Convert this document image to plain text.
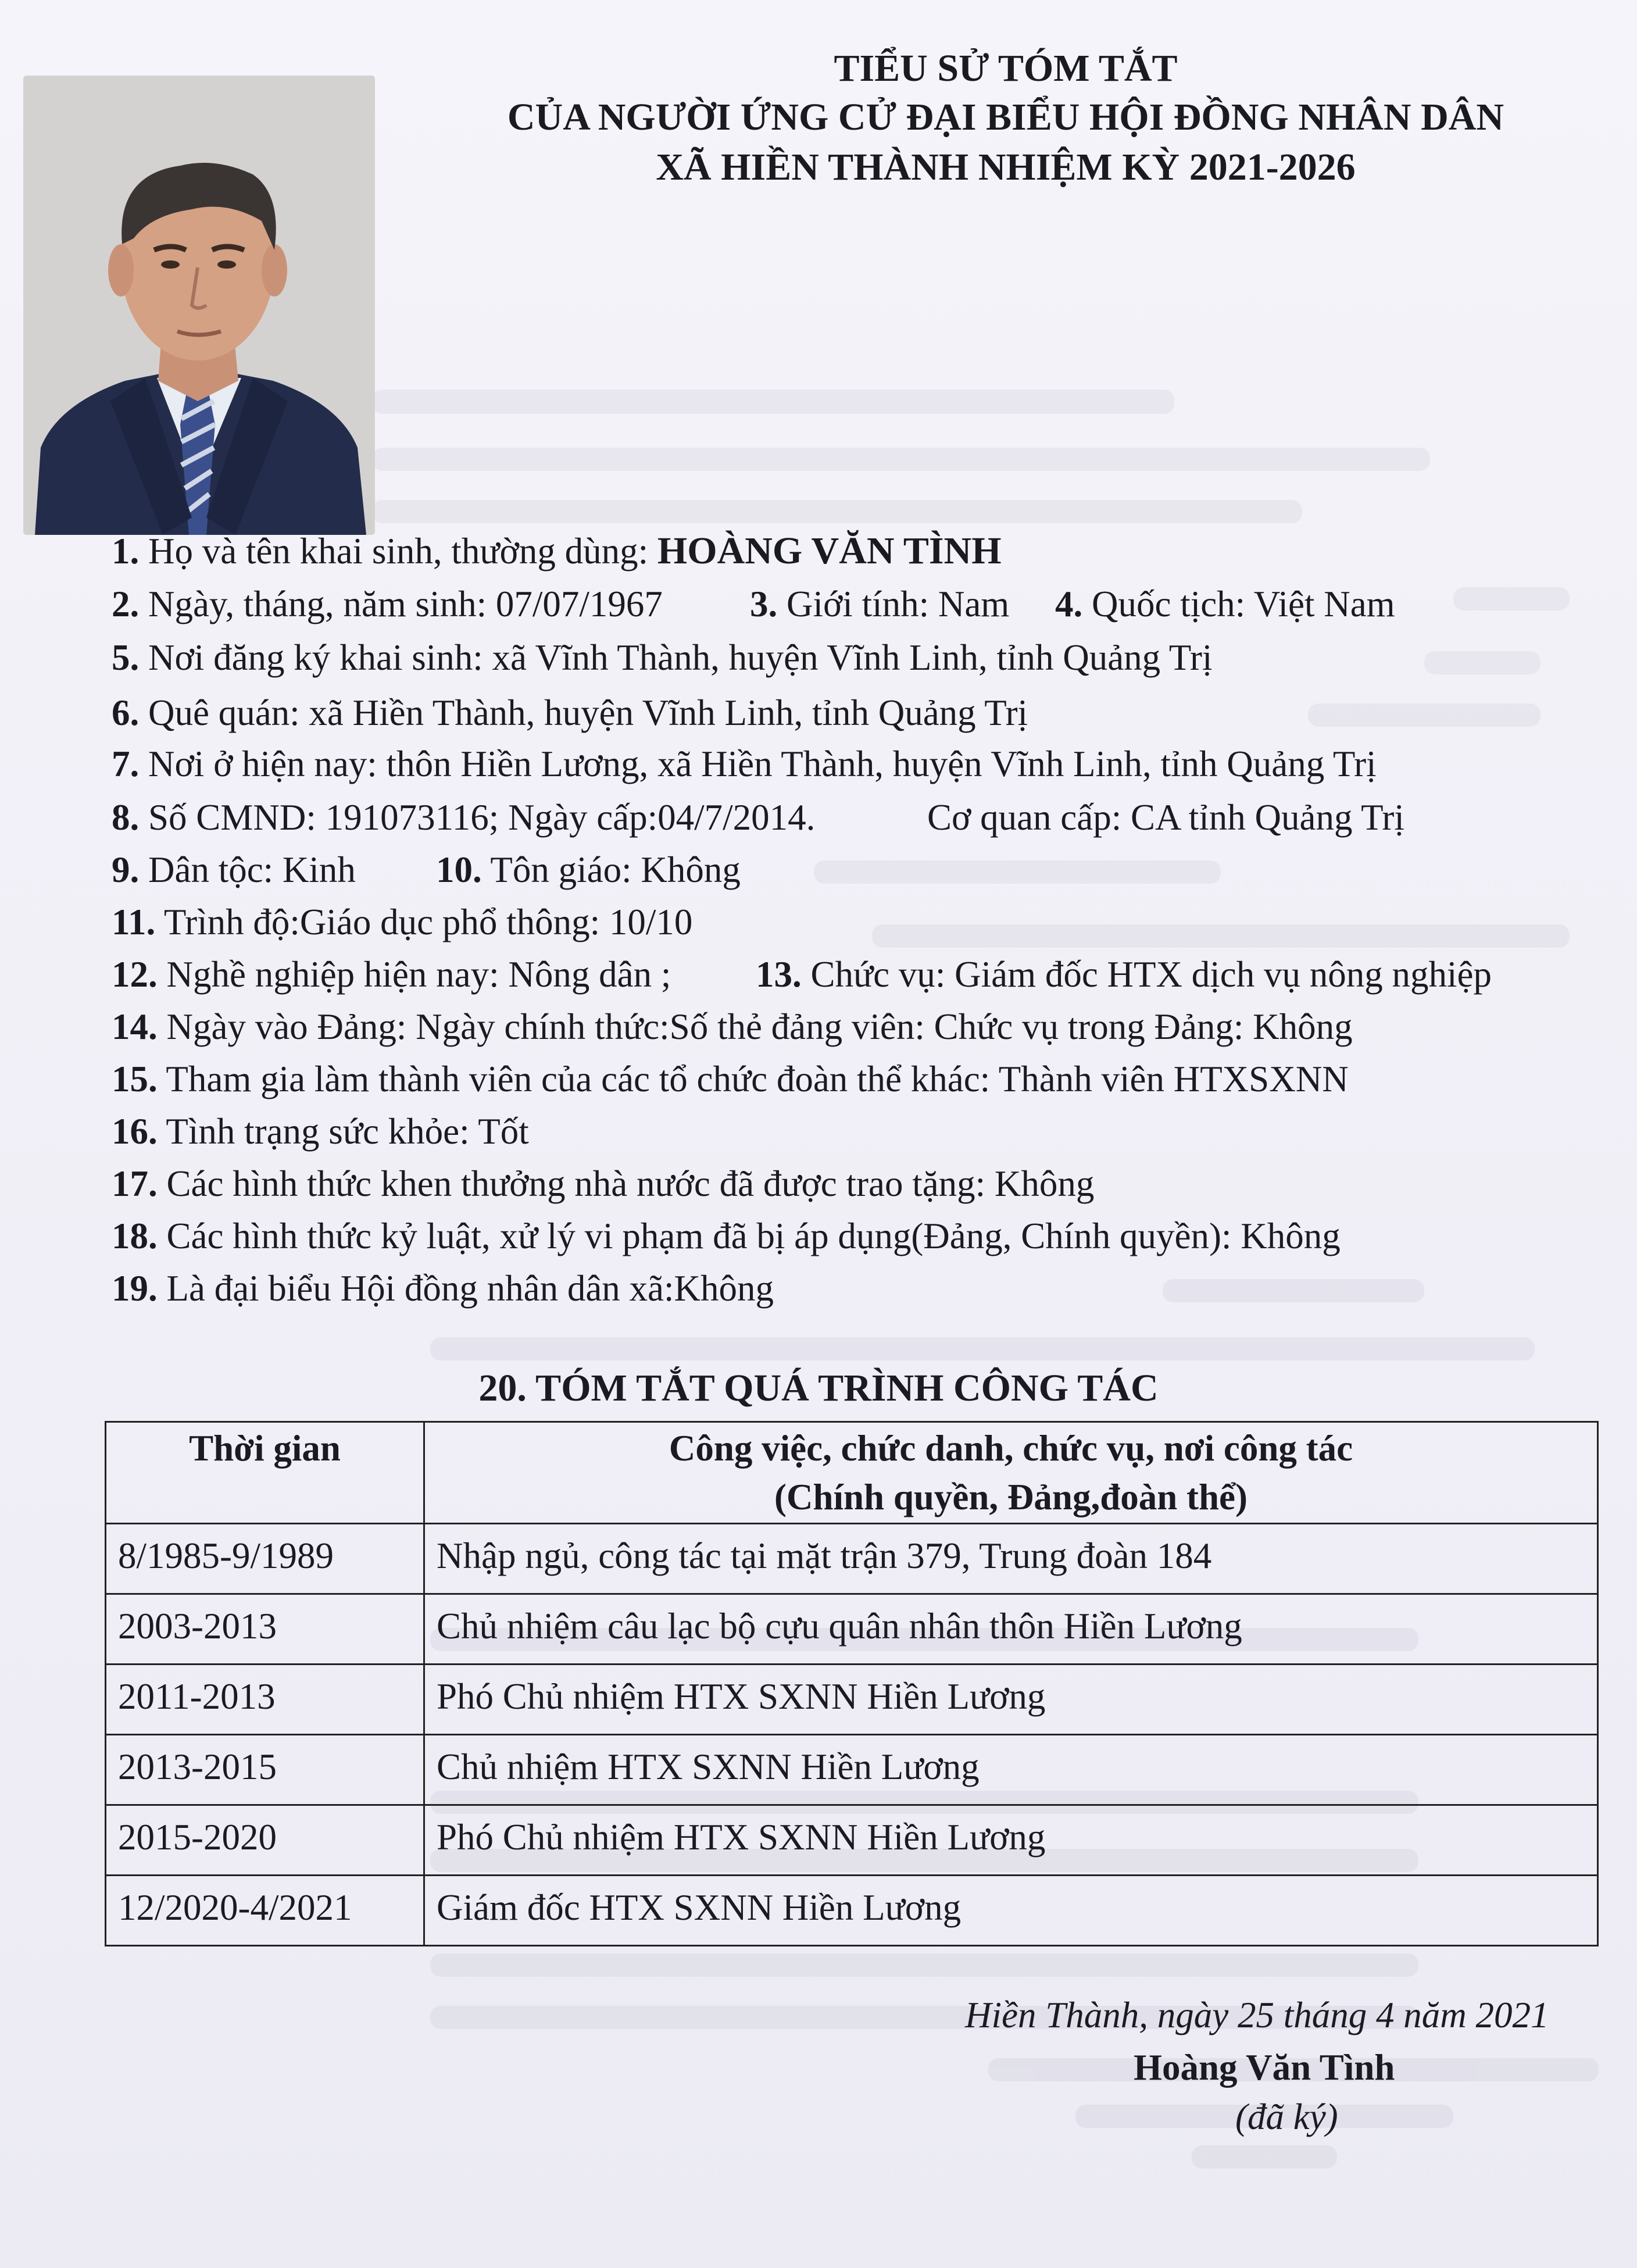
TIỂU SỬ TÓM TẮT
CỦA NGƯỜI ỨNG CỬ ĐẠI BIỂU HỘI ĐỒNG NHÂN DÂN
XÃ HIỀN THÀNH NHIỆM KỲ 2021-2026
1. Họ và tên khai sinh, thường dùng: HOÀNG VĂN TÌNH
2. Ngày, tháng, năm sinh: 07/07/1967 3. Giới tính: Nam 4. Quốc tịch: Việt Nam
5. Nơi đăng ký khai sinh: xã Vĩnh Thành, huyện Vĩnh Linh, tỉnh Quảng Trị
6. Quê quán: xã Hiền Thành, huyện Vĩnh Linh, tỉnh Quảng Trị
7. Nơi ở hiện nay: thôn Hiền Lương, xã Hiền Thành, huyện Vĩnh Linh, tỉnh Quảng Trị
8. Số CMND: 191073116; Ngày cấp:04/7/2014.	Cơ quan cấp: CA tỉnh Quảng Trị
9. Dân tộc: Kinh 10. Tôn giáo: Không
11. Trình độ:Giáo dục phổ thông: 10/10
12. Nghề nghiệp hiện nay: Nông dân ; 13. Chức vụ: Giám đốc HTX dịch vụ nông nghiệp
14. Ngày vào Đảng: Ngày chính thức:Số thẻ đảng viên: Chức vụ trong Đảng: Không
15. Tham gia làm thành viên của các tổ chức đoàn thể khác: Thành viên HTXSXNN
16. Tình trạng sức khỏe: Tốt
17. Các hình thức khen thưởng nhà nước đã được trao tặng: Không
18. Các hình thức kỷ luật, xử lý vi phạm đã bị áp dụng(Đảng, Chính quyền): Không
19. Là đại biểu Hội đồng nhân dân xã:Không
20. TÓM TẮT QUÁ TRÌNH CÔNG TÁC
Thời gian	Công việc, chức danh, chức vụ, nơi công tác
(Chính quyền, Đảng,đoàn thể)

8/1985-9/1989	Nhập ngủ, công tác tại mặt trận 379, Trung đoàn 184
2003-2013	Chủ nhiệm câu lạc bộ cựu quân nhân thôn Hiền Lương
2011-2013	Phó Chủ nhiệm HTX SXNN Hiền Lương
2013-2015	Chủ nhiệm HTX SXNN Hiền Lương
2015-2020	Phó Chủ nhiệm HTX SXNN Hiền Lương
12/2020-4/2021	Giám đốc HTX SXNN Hiền Lương
Hiền Thành, ngày 25 tháng 4 năm 2021
Hoàng Văn Tình
(đã ký)
